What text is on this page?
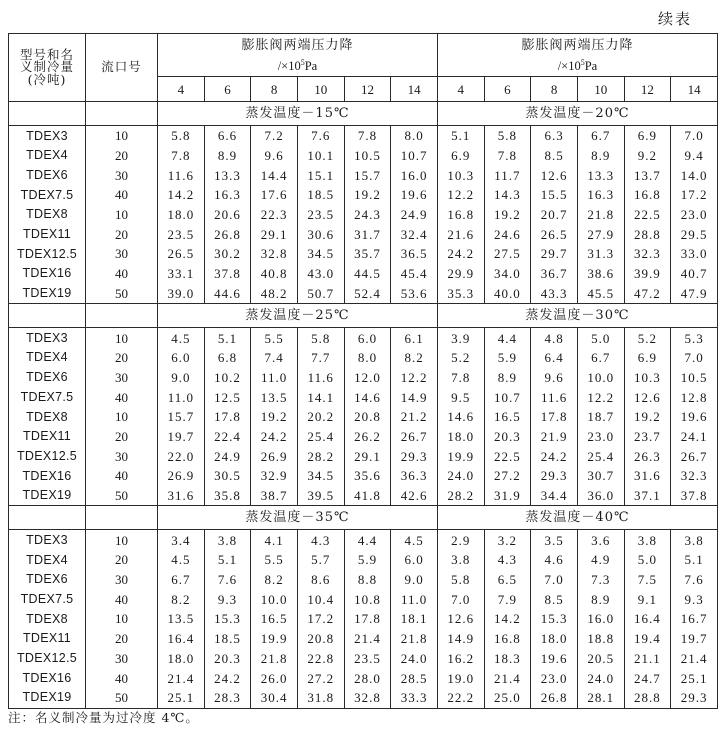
续表
型号和名
义制冷量
(冷吨)	流口号	膨胀阀两端压力降						膨胀阀两端压力降					
		$/\times 10^5Pa$						$/\times 10^5Pa$					
		4	6	8	10	12	14	4	6	8	10	12	14
		蒸发温度－15℃						蒸发温度－20℃					
TDEX3	10	5.8	6.6	7.2	7.6	7.8	8.0	5.1	5.8	6.3	6.7	6.9	7.0
TDEX4	20	7.8	8.9	9.6	10.1	10.5	10.7	6.9	7.8	8.5	8.9	9.2	9.4
TDEX6	30	11.6	13.3	14.4	15.1	15.7	16.0	10.3	11.7	12.6	13.3	13.7	14.0
TDEX7.5	40	14.2	16.3	17.6	18.5	19.2	19.6	12.2	14.3	15.5	16.3	16.8	17.2
TDEX8	10	18.0	20.6	22.3	23.5	24.3	24.9	16.8	19.2	20.7	21.8	22.5	23.0
TDEX11	20	23.5	26.8	29.1	30.6	31.7	32.4	21.6	24.6	26.5	27.9	28.8	29.5
TDEX12.5	30	26.5	30.2	32.8	34.5	35.7	36.5	24.2	27.5	29.7	31.3	32.3	33.0
TDEX16	40	33.1	37.8	40.8	43.0	44.5	45.4	29.9	34.0	36.7	38.6	39.9	40.7
TDEX19	50	39.0	44.6	48.2	50.7	52.4	53.6	35.3	40.0	43.3	45.5	47.2	47.9
		蒸发温度－25℃						蒸发温度－30℃					
TDEX3	10	4.5	5.1	5.5	5.8	6.0	6.1	3.9	4.4	4.8	5.0	5.2	5.3
TDEX4	20	6.0	6.8	7.4	7.7	8.0	8.2	5.2	5.9	6.4	6.7	6.9	7.0
TDEX6	30	9.0	10.2	11.0	11.6	12.0	12.2	7.8	8.9	9.6	10.0	10.3	10.5
TDEX7.5	40	11.0	12.5	13.5	14.1	14.6	14.9	9.5	10.7	11.6	12.2	12.6	12.8
TDEX8	10	15.7	17.8	19.2	20.2	20.8	21.2	14.6	16.5	17.8	18.7	19.2	19.6
TDEX11	20	19.7	22.4	24.2	25.4	26.2	26.7	18.0	20.3	21.9	23.0	23.7	24.1
TDEX12.5	30	22.0	24.9	26.9	28.2	29.1	29.3	19.9	22.5	24.2	25.4	26.3	26.7
TDEX16	40	26.9	30.5	32.9	34.5	35.6	36.3	24.0	27.2	29.3	30.7	31.6	32.3
TDEX19	50	31.6	35.8	38.7	39.5	41.8	42.6	28.2	31.9	34.4	36.0	37.1	37.8
		蒸发温度－35℃						蒸发温度－40℃					
TDEX3	10	3.4	3.8	4.1	4.3	4.4	4.5	2.9	3.2	3.5	3.6	3.8	3.8
TDEX4	20	4.5	5.1	5.5	5.7	5.9	6.0	3.8	4.3	4.6	4.9	5.0	5.1
TDEX6	30	6.7	7.6	8.2	8.6	8.8	9.0	5.8	6.5	7.0	7.3	7.5	7.6
TDEX7.5	40	8.2	9.3	10.0	10.4	10.8	11.0	7.0	7.9	8.5	8.9	9.1	9.3
TDEX8	10	13.5	15.3	16.5	17.2	17.8	18.1	12.6	14.2	15.3	16.0	16.4	16.7
TDEX11	20	16.4	18.5	19.9	20.8	21.4	21.8	14.9	16.8	18.0	18.8	19.4	19.7
TDEX12.5	30	18.0	20.3	21.8	22.8	23.5	24.0	16.2	18.3	19.6	20.5	21.1	21.4
TDEX16	40	21.4	24.2	26.0	27.2	28.0	28.5	19.0	21.4	23.0	24.0	24.7	25.1
TDEX19	50	25.1	28.3	30.4	31.8	32.8	33.3	22.2	25.0	26.8	28.1	28.8	29.3
注：名义制冷量为过冷度 4℃。
